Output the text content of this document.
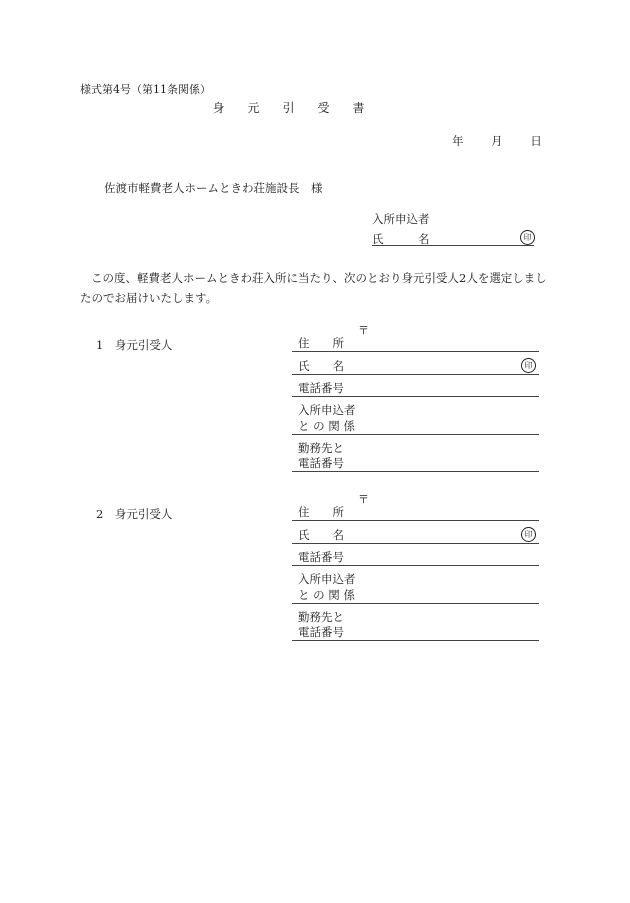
様式第4号（第11条関係）
身元引受書
年 月 日
佐渡市軽費老人ホームときわ荘施設長　様
入所申込者
氏　　　名	印
この度、軽費老人ホームときわ荘入所に当たり、次のとおり身元引受人2人を選定しましたのでお届けいたします。
〒
1　身元引受人	住　　所
氏　　名	印
電話番号
入所申込者
と の 関 係
勤務先と
電話番号
〒
2　身元引受人	住　　所
氏　　名	印
電話番号
入所申込者
と の 関 係
勤務先と
電話番号
